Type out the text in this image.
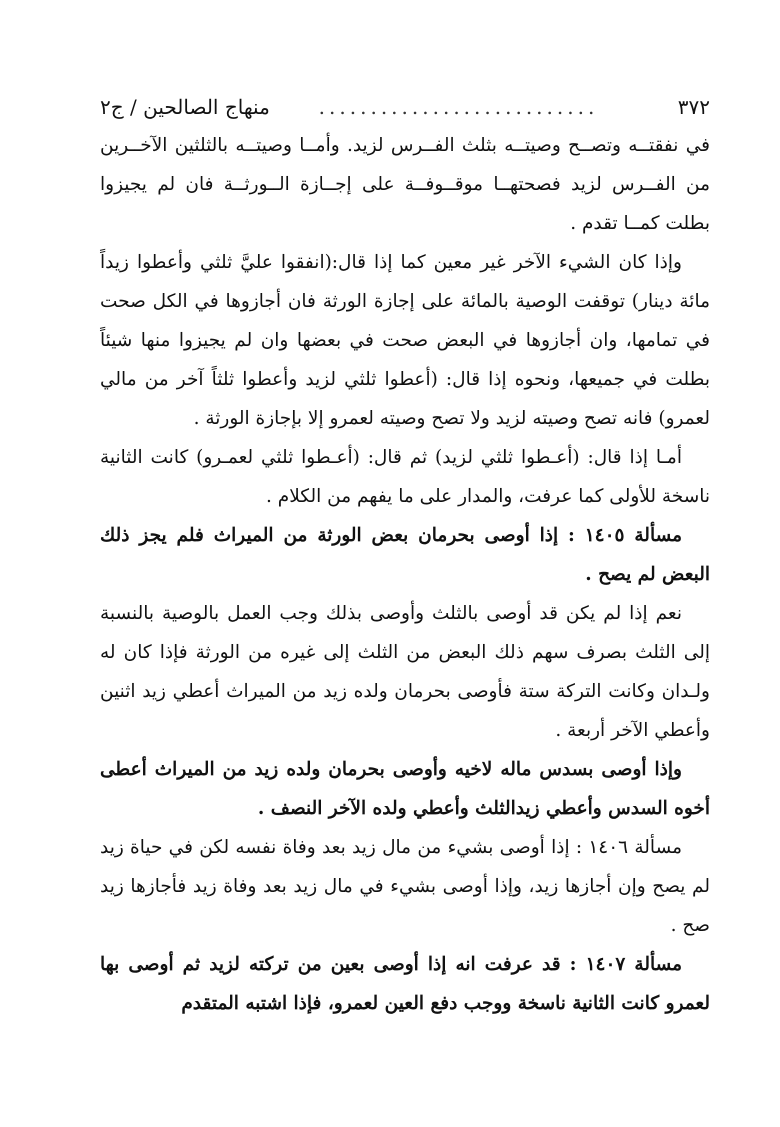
٣٧٢
...........................
منهاج الصالحين / ج٢

في نفقتــه وتصــح وصيتــه بثلث الفــرس لزيد. وأمــا وصيتــه بالثلثين الآخــرين من الفــرس لزيد فصحتهــا موقــوفــة على إجــازة الــورثــة فان لم يجيزوا بطلت كمــا تقدم .

وإذا كان الشيء الآخر غير معين كما إذا قال:(انفقوا عليَّ ثلثي وأعطوا زيداً مائة دينار) توقفت الوصية بالمائة على إجازة الورثة فان أجازوها في الكل صحت في تمامها، وان أجازوها في البعض صحت في بعضها وان لم يجيزوا منها شيئاً بطلت في جميعها، ونحوه إذا قال: (أعطوا ثلثي لزيد وأعطوا ثلثاً آخر من مالي لعمرو) فانه تصح وصيته لزيد ولا تصح وصيته لعمرو إلا بإجازة الورثة .

أمـا إذا قال: (أعـطوا ثلثي لزيد) ثم قال: (أعـطوا ثلثي لعمـرو) كانت الثانية ناسخة للأولى كما عرفت، والمدار على ما يفهم من الكلام .

مسألة ١٤٠٥ : إذا أوصى بحرمان بعض الورثة من الميراث فلم يجز ذلك البعض لم يصح .

نعم إذا لم يكن قد أوصى بالثلث وأوصى بذلك وجب العمل بالوصية بالنسبة إلى الثلث بصرف سهم ذلك البعض من الثلث إلى غيره من الورثة فإذا كان له ولـدان وكانت التركة ستة فأوصى بحرمان ولده زيد من الميراث أعطي زيد اثنين وأعطي الآخر أربعة .

وإذا أوصى بسدس ماله لاخيه وأوصى بحرمان ولده زيد من الميراث أعطى أخوه السدس وأعطي زيدالثلث وأعطي ولده الآخر النصف .

مسألة ١٤٠٦ : إذا أوصى بشيء من مال زيد بعد وفاة نفسه لكن في حياة زيد لم يصح وإن أجازها زيد، وإذا أوصى بشيء في مال زيد بعد وفاة زيد فأجازها زيد صح .

مسألة ١٤٠٧ : قد عرفت انه إذا أوصى بعين من تركته لزيد ثم أوصى بها لعمرو كانت الثانية ناسخة ووجب دفع العين لعمرو، فإذا اشتبه المتقدم
